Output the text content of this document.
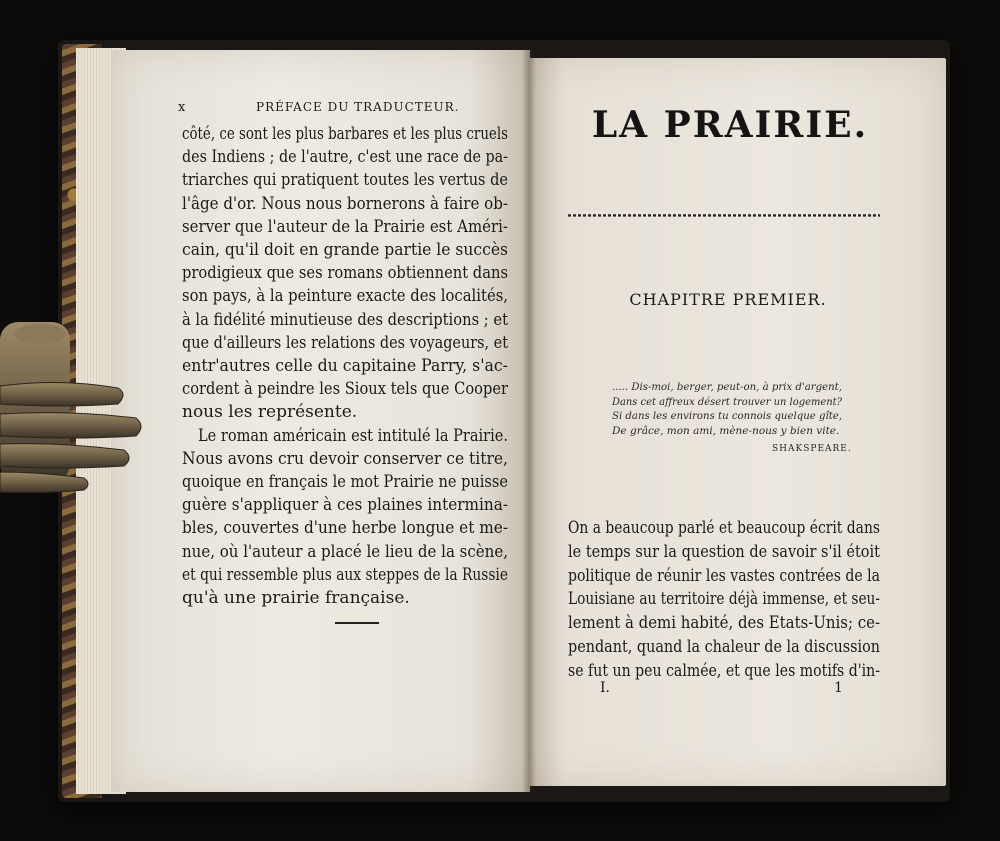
x	PRÉFACE DU TRADUCTEUR.
côté, ce sont les plus barbares et les plus cruels
des Indiens ; de l'autre, c'est une race de pa-
triarches qui pratiquent toutes les vertus de
l'âge d'or. Nous nous bornerons à faire ob-
server que l'auteur de la Prairie est Améri-
cain, qu'il doit en grande partie le succès
prodigieux que ses romans obtiennent dans
son pays, à la peinture exacte des localités,
à la fidélité minutieuse des descriptions ; et
que d'ailleurs les relations des voyageurs, et
entr'autres celle du capitaine Parry, s'ac-
cordent à peindre les Sioux tels que Cooper
nous les représente.
Le roman américain est intitulé la Prairie.
Nous avons cru devoir conserver ce titre,
quoique en français le mot Prairie ne puisse
guère s'appliquer à ces plaines intermina-
bles, couvertes d'une herbe longue et me-
nue, où l'auteur a placé le lieu de la scène,
et qui ressemble plus aux steppes de la Russie
qu'à une prairie française.
LA PRAIRIE.
CHAPITRE PREMIER.
..... Dis-moi, berger, peut-on, à prix d'argent,
Dans cet affreux désert trouver un logement?
Si dans les environs tu connois quelque gîte,
De grâce, mon ami, mène-nous y bien vite.
SHAKSPEARE.
On a beaucoup parlé et beaucoup écrit dans
le temps sur la question de savoir s'il étoit
politique de réunir les vastes contrées de la
Louisiane au territoire déjà immense, et seu-
lement à demi habité, des Etats-Unis; ce-
pendant, quand la chaleur de la discussion
se fut un peu calmée, et que les motifs d'in-
I.	1
